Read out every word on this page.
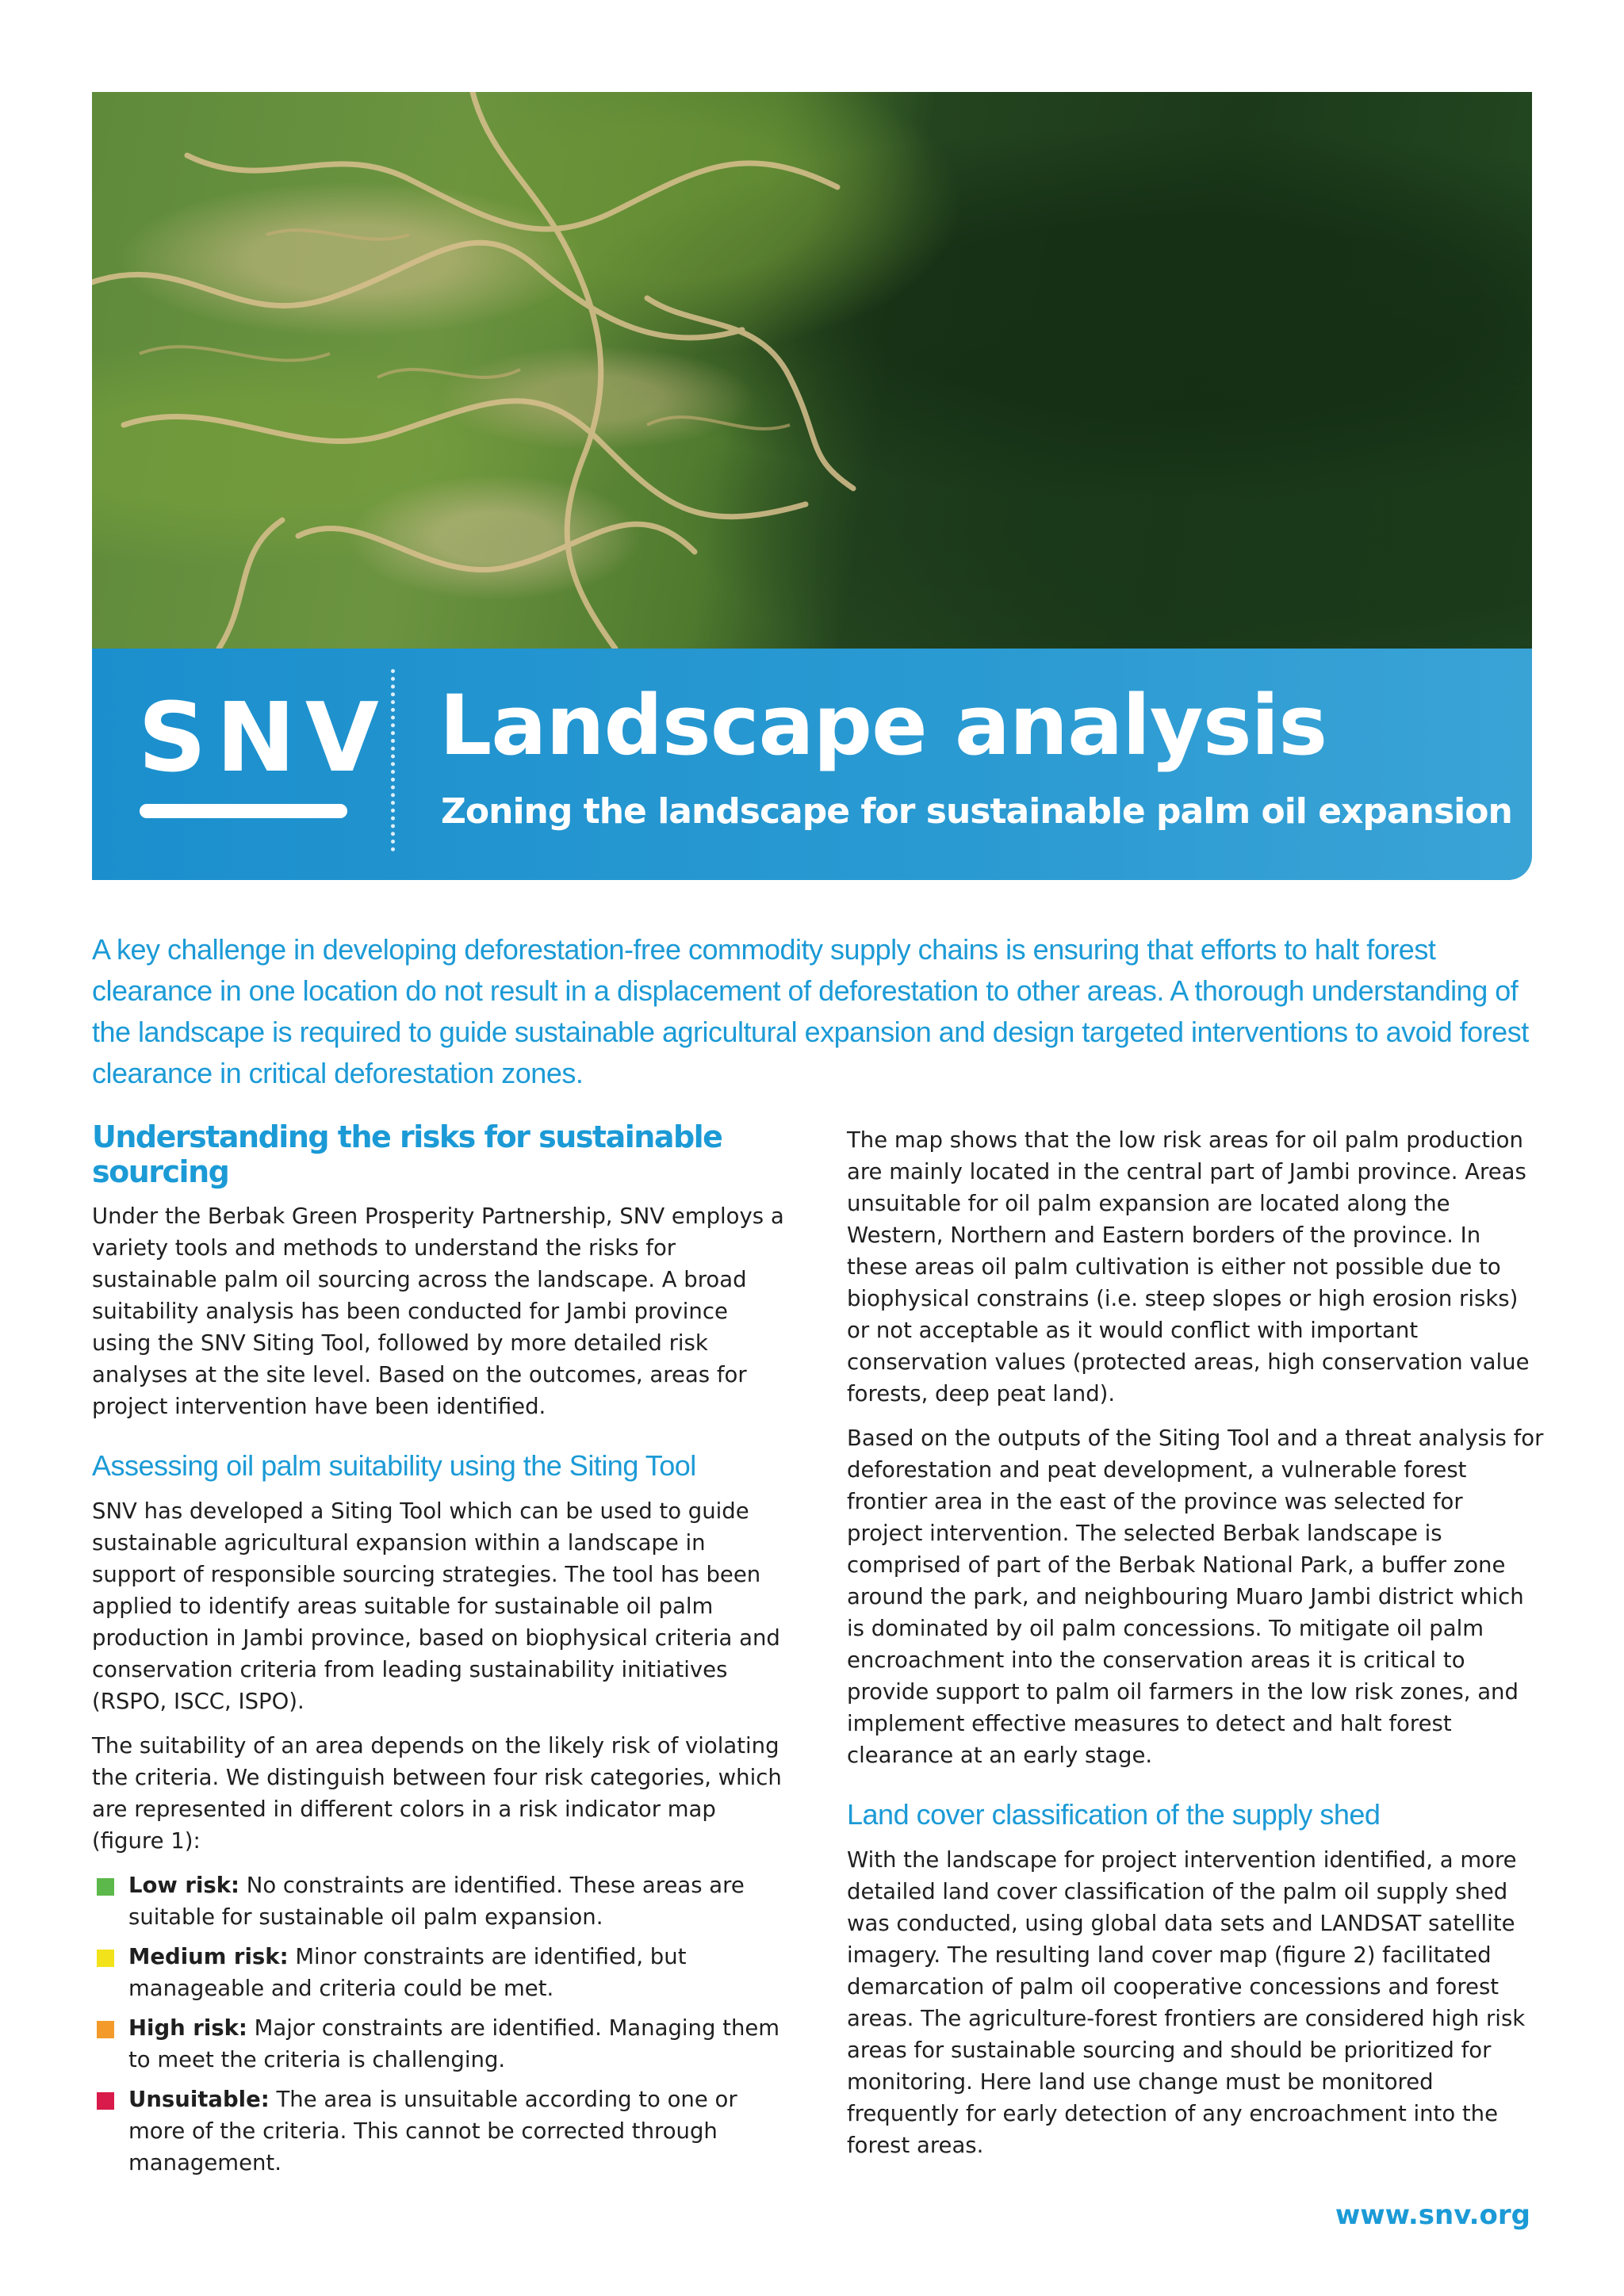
SNV Landscape analysis
Zoning the landscape for sustainable palm oil expansion
A key challenge in developing deforestation-free commodity supply chains is ensuring that efforts to halt forest clearance in one location do not result in a displacement of deforestation to other areas. A thorough understanding of the landscape is required to guide sustainable agricultural expansion and design targeted interventions to avoid forest clearance in critical deforestation zones.
Understanding the risks for sustainable sourcing

Under the Berbak Green Prosperity Partnership, SNV employs a variety tools and methods to understand the risks for sustainable palm oil sourcing across the landscape. A broad suitability analysis has been conducted for Jambi province using the SNV Siting Tool, followed by more detailed risk analyses at the site level. Based on the outcomes, areas for project intervention have been identified.

Assessing oil palm suitability using the Siting Tool

SNV has developed a Siting Tool which can be used to guide sustainable agricultural expansion within a landscape in support of responsible sourcing strategies. The tool has been applied to identify areas suitable for sustainable oil palm production in Jambi province, based on biophysical criteria and conservation criteria from leading sustainability initiatives (RSPO, ISCC, ISPO).

The suitability of an area depends on the likely risk of violating the criteria. We distinguish between four risk categories, which are represented in different colors in a risk indicator map (figure 1):

Low risk: No constraints are identified. These areas are suitable for sustainable oil palm expansion.
Medium risk: Minor constraints are identified, but manageable and criteria could be met.
High risk: Major constraints are identified. Managing them to meet the criteria is challenging.
Unsuitable: The area is unsuitable according to one or more of the criteria. This cannot be corrected through management.

The map shows that the low risk areas for oil palm production are mainly located in the central part of Jambi province. Areas unsuitable for oil palm expansion are located along the Western, Northern and Eastern borders of the province. In these areas oil palm cultivation is either not possible due to biophysical constrains (i.e. steep slopes or high erosion risks) or not acceptable as it would conflict with important conservation values (protected areas, high conservation value forests, deep peat land).

Based on the outputs of the Siting Tool and a threat analysis for deforestation and peat development, a vulnerable forest frontier area in the east of the province was selected for project intervention. The selected Berbak landscape is comprised of part of the Berbak National Park, a buffer zone around the park, and neighbouring Muaro Jambi district which is dominated by oil palm concessions. To mitigate oil palm encroachment into the conservation areas it is critical to provide support to palm oil farmers in the low risk zones, and implement effective measures to detect and halt forest clearance at an early stage.

Land cover classification of the supply shed

With the landscape for project intervention identified, a more detailed land cover classification of the palm oil supply shed was conducted, using global data sets and LANDSAT satellite imagery. The resulting land cover map (figure 2) facilitated demarcation of palm oil cooperative concessions and forest areas. The agriculture-forest frontiers are considered high risk areas for sustainable sourcing and should be prioritized for monitoring. Here land use change must be monitored frequently for early detection of any encroachment into the forest areas.

www.snv.org
